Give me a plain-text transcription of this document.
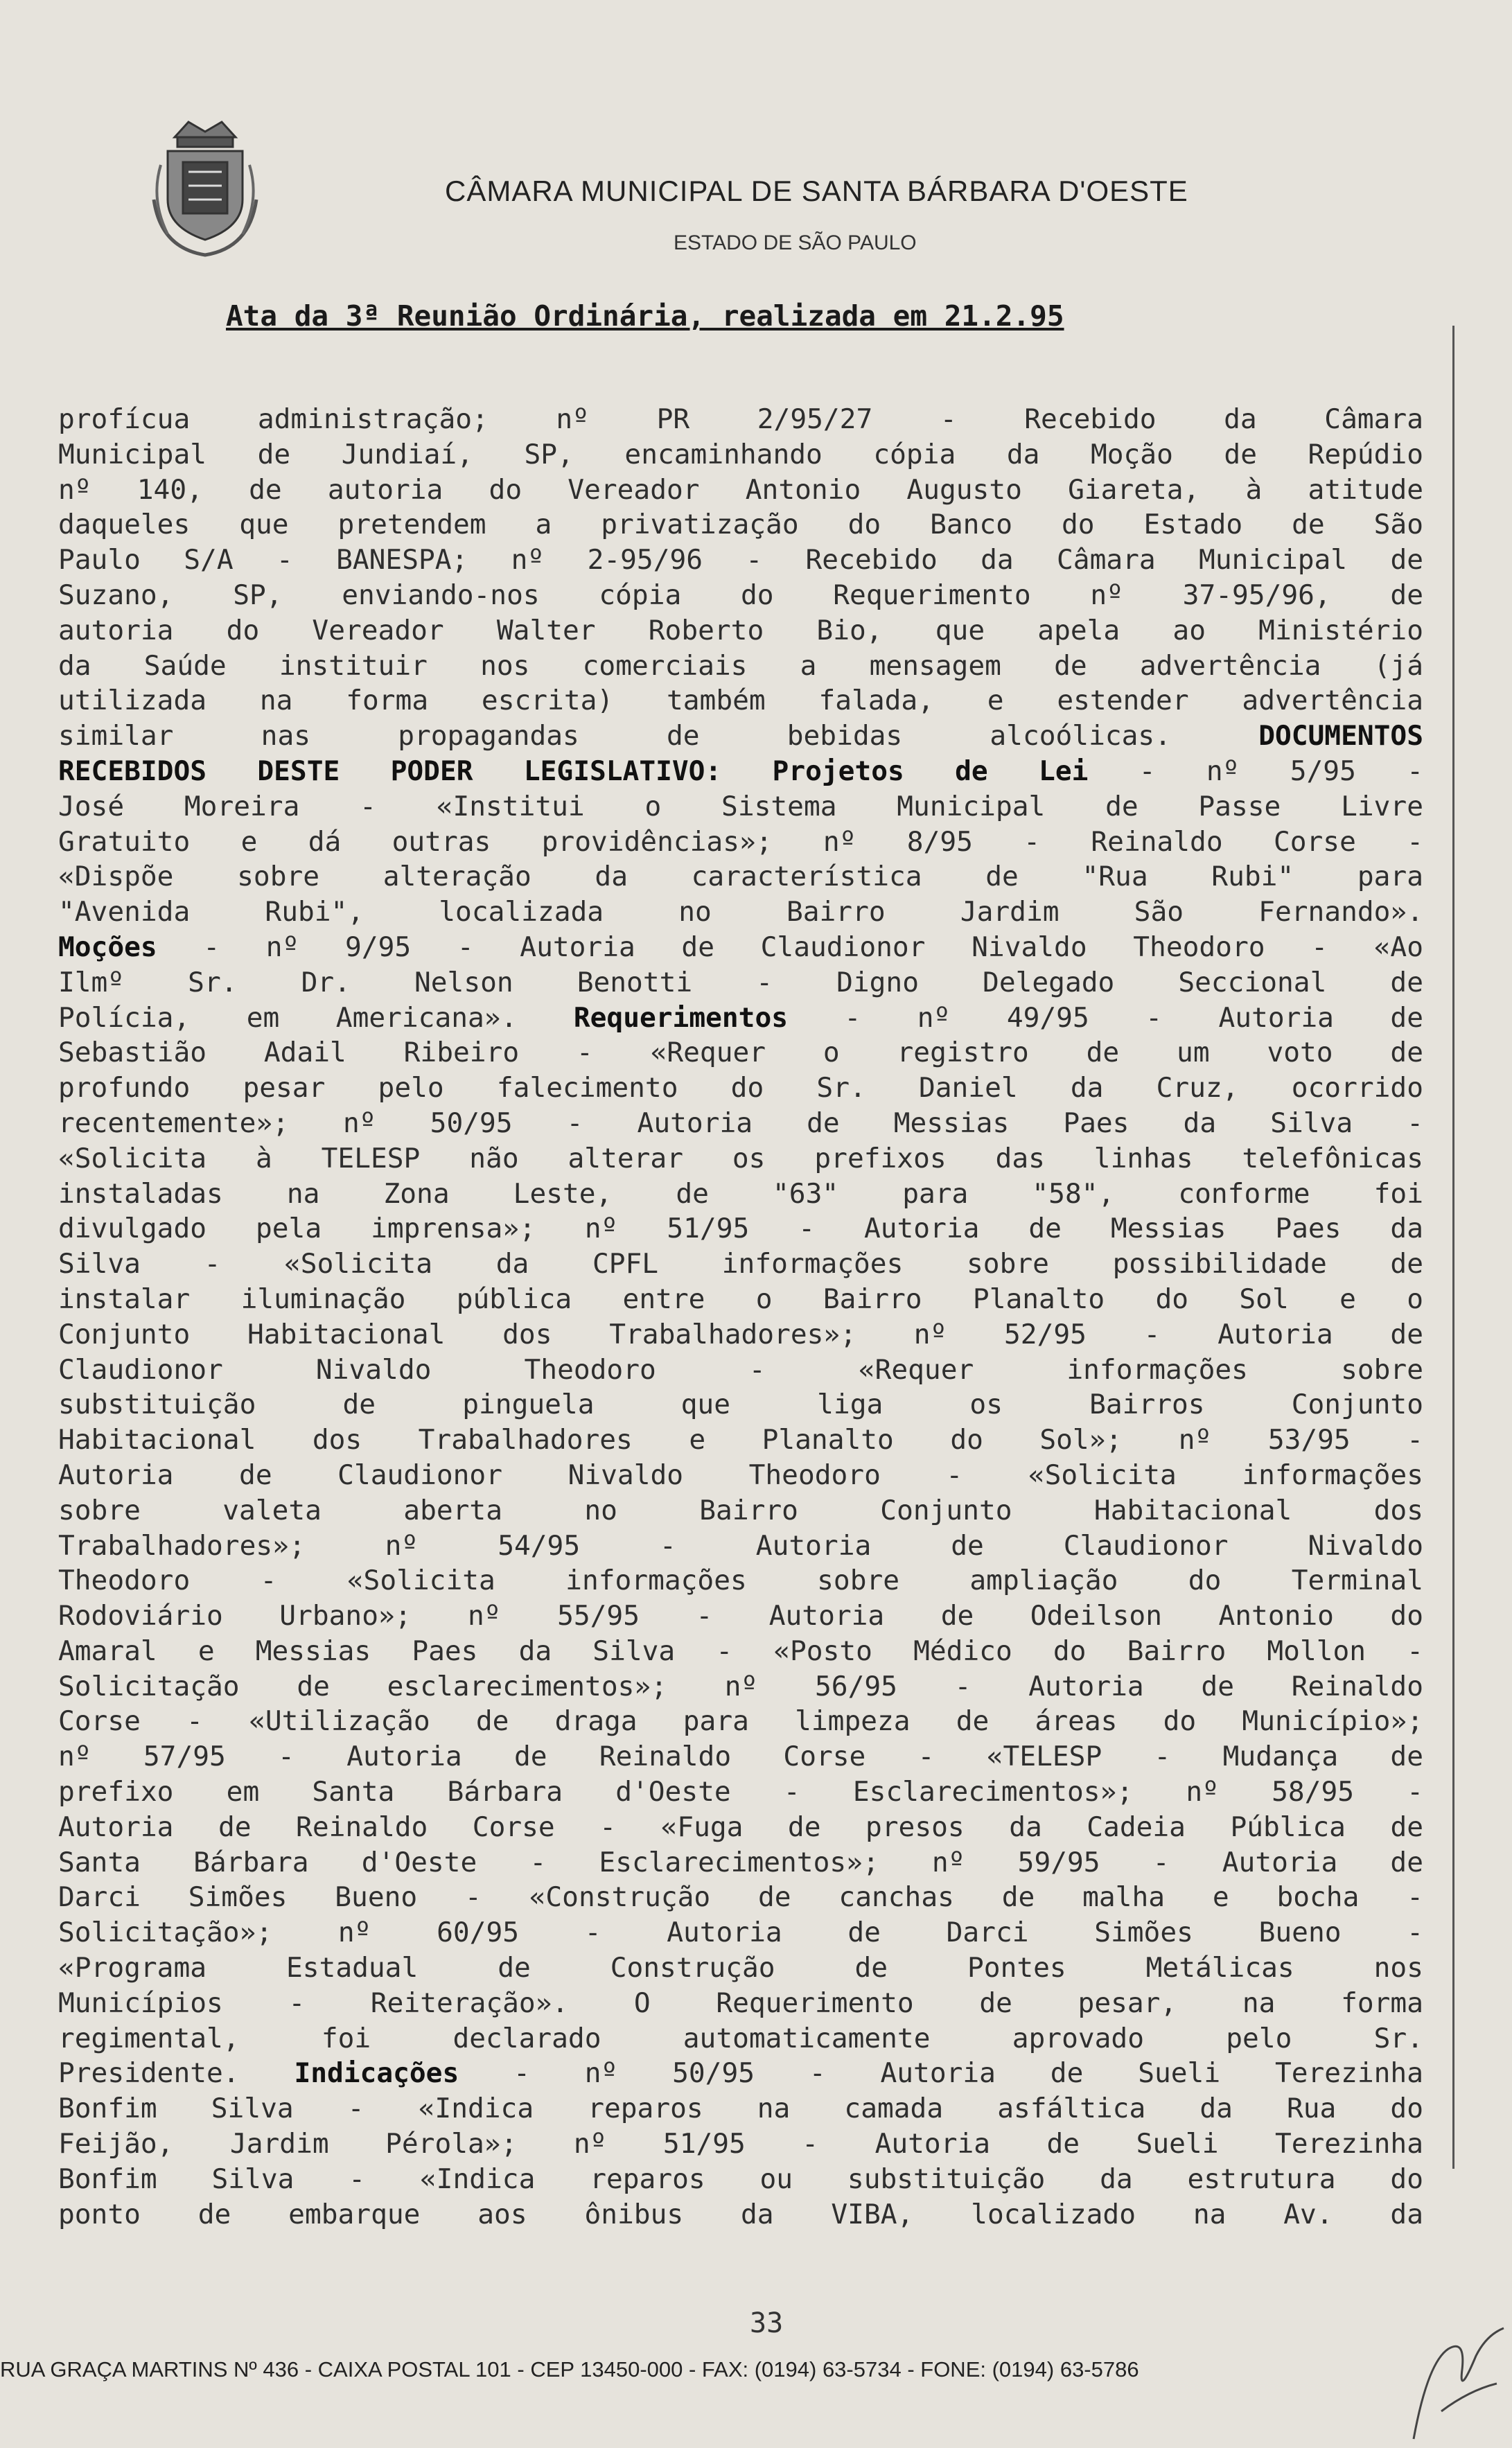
CÂMARA MUNICIPAL DE SANTA BÁRBARA D'OESTE
ESTADO DE SÃO PAULO
Ata da 3ª Reunião Ordinária, realizada em 21.2.95
profícua administração; nº PR 2/95/27 - Recebido da Câmara
Municipal de Jundiaí, SP, encaminhando cópia da Moção de Repúdio
nº 140, de autoria do Vereador Antonio Augusto Giareta, à atitude
daqueles que pretendem a privatização do Banco do Estado de São
Paulo S/A - BANESPA; nº 2-95/96 - Recebido da Câmara Municipal de
Suzano, SP, enviando-nos cópia do Requerimento nº 37-95/96, de
autoria do Vereador Walter Roberto Bio, que apela ao Ministério
da Saúde instituir nos comerciais a mensagem de advertência (já
utilizada na forma escrita) também falada, e estender advertência
similar nas propagandas de bebidas alcoólicas. DOCUMENTOS
RECEBIDOS DESTE PODER LEGISLATIVO: Projetos de Lei - nº 5/95 -
José Moreira - «Institui o Sistema Municipal de Passe Livre
Gratuito e dá outras providências»; nº 8/95 - Reinaldo Corse -
«Dispõe sobre alteração da característica de "Rua Rubi" para
"Avenida Rubi", localizada no Bairro Jardim São Fernando».
Moções - nº 9/95 - Autoria de Claudionor Nivaldo Theodoro - «Ao
Ilmº Sr. Dr. Nelson Benotti - Digno Delegado Seccional de
Polícia, em Americana». Requerimentos - nº 49/95 - Autoria de
Sebastião Adail Ribeiro - «Requer o registro de um voto de
profundo pesar pelo falecimento do Sr. Daniel da Cruz, ocorrido
recentemente»; nº 50/95 - Autoria de Messias Paes da Silva -
«Solicita à TELESP não alterar os prefixos das linhas telefônicas
instaladas na Zona Leste, de "63" para "58", conforme foi
divulgado pela imprensa»; nº 51/95 - Autoria de Messias Paes da
Silva - «Solicita da CPFL informações sobre possibilidade de
instalar iluminação pública entre o Bairro Planalto do Sol e o
Conjunto Habitacional dos Trabalhadores»; nº 52/95 - Autoria de
Claudionor Nivaldo Theodoro - «Requer informações sobre
substituição de pinguela que liga os Bairros Conjunto
Habitacional dos Trabalhadores e Planalto do Sol»; nº 53/95 -
Autoria de Claudionor Nivaldo Theodoro - «Solicita informações
sobre valeta aberta no Bairro Conjunto Habitacional dos
Trabalhadores»; nº 54/95 - Autoria de Claudionor Nivaldo
Theodoro - «Solicita informações sobre ampliação do Terminal
Rodoviário Urbano»; nº 55/95 - Autoria de Odeilson Antonio do
Amaral e Messias Paes da Silva - «Posto Médico do Bairro Mollon -
Solicitação de esclarecimentos»; nº 56/95 - Autoria de Reinaldo
Corse - «Utilização de draga para limpeza de áreas do Município»;
nº 57/95 - Autoria de Reinaldo Corse - «TELESP - Mudança de
prefixo em Santa Bárbara d'Oeste - Esclarecimentos»; nº 58/95 -
Autoria de Reinaldo Corse - «Fuga de presos da Cadeia Pública de
Santa Bárbara d'Oeste - Esclarecimentos»; nº 59/95 - Autoria de
Darci Simões Bueno - «Construção de canchas de malha e bocha -
Solicitação»; nº 60/95 - Autoria de Darci Simões Bueno -
«Programa Estadual de Construção de Pontes Metálicas nos
Municípios - Reiteração». O Requerimento de pesar, na forma
regimental, foi declarado automaticamente aprovado pelo Sr.
Presidente. Indicações - nº 50/95 - Autoria de Sueli Terezinha
Bonfim Silva - «Indica reparos na camada asfáltica da Rua do
Feijão, Jardim Pérola»; nº 51/95 - Autoria de Sueli Terezinha
Bonfim Silva - «Indica reparos ou substituição da estrutura do
ponto de embarque aos ônibus da VIBA, localizado na Av. da
33
RUA GRAÇA MARTINS Nº 436 - CAIXA POSTAL 101 - CEP 13450-000 - FAX: (0194) 63-5734 - FONE: (0194) 63-5786
